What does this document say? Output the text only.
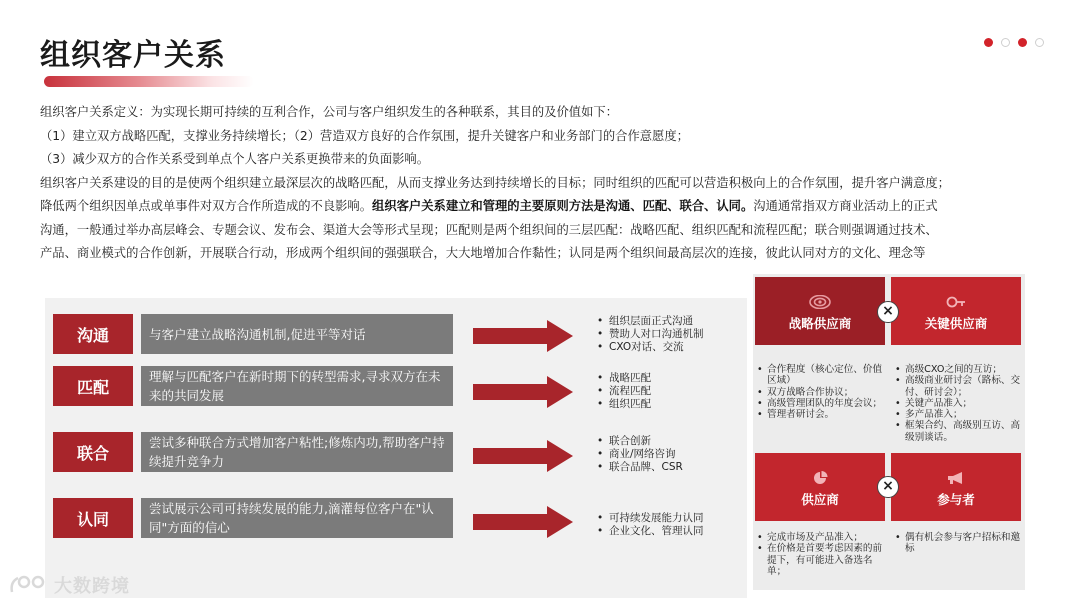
组织客户关系

组织客户关系定义：为实现长期可持续的互利合作，公司与客户组织发生的各种联系，其目的及价值如下：

（1）建立双方战略匹配，支撑业务持续增长；（2）营造双方良好的合作氛围，提升关键客户和业务部门的合作意愿度；

（3）减少双方的合作关系受到单点个人客户关系更换带来的负面影响。

组织客户关系建设的目的是使两个组织建立最深层次的战略匹配，从而支撑业务达到持续增长的目标；同时组织的匹配可以营造积极向上的合作氛围，提升客户满意度；

降低两个组织因单点或单事件对双方合作所造成的不良影响。组织客户关系建立和管理的主要原则方法是沟通、匹配、联合、认同。沟通通常指双方商业活动上的正式

沟通，一般通过举办高层峰会、专题会议、发布会、渠道大会等形式呈现；匹配则是两个组织间的三层匹配：战略匹配、组织匹配和流程匹配；联合则强调通过技术、

产品、商业模式的合作创新，开展联合行动，形成两个组织间的强强联合，大大地增加合作黏性；认同是两个组织间最高层次的连接，彼此认同对方的文化、理念等

沟通	与客户建立战略沟通机制,促进平等对话
• 组织层面正式沟通
• 赞助人对口沟通机制
• CXO对话、交流
匹配
理解与匹配客户在新时期下的转型需求,寻求双方在未来的共同发展
• 战略匹配
• 流程匹配
• 组织匹配
联合
尝试多种联合方式增加客户粘性;修炼内功,帮助客户持续提升竞争力
• 联合创新
• 商业/网络咨询
• 联合品牌、CSR
认同
尝试展示公司可持续发展的能力,滴灌每位客户在"认同"方面的信心
• 可持续发展能力认同
• 企业文化、管理认同
战略供应商	关键供应商
×
• 合作程度（核心定位、价值区域）
• 双方战略合作协议；
• 高级管理团队的年度会议；
• 管理者研讨会。
• 高级CXO之间的互访；
• 高级商业研讨会（路标、交付、研讨会）；
• 关键产品准入；
• 多产品准入；
• 框架合约、高级别互访、高级别谈话。
供应商	参与者
×
• 完成市场及产品准入；
• 在价格是首要考虑因素的前提下，有可能进入备选名单；
• 偶有机会参与客户招标和邀标
大数跨境
